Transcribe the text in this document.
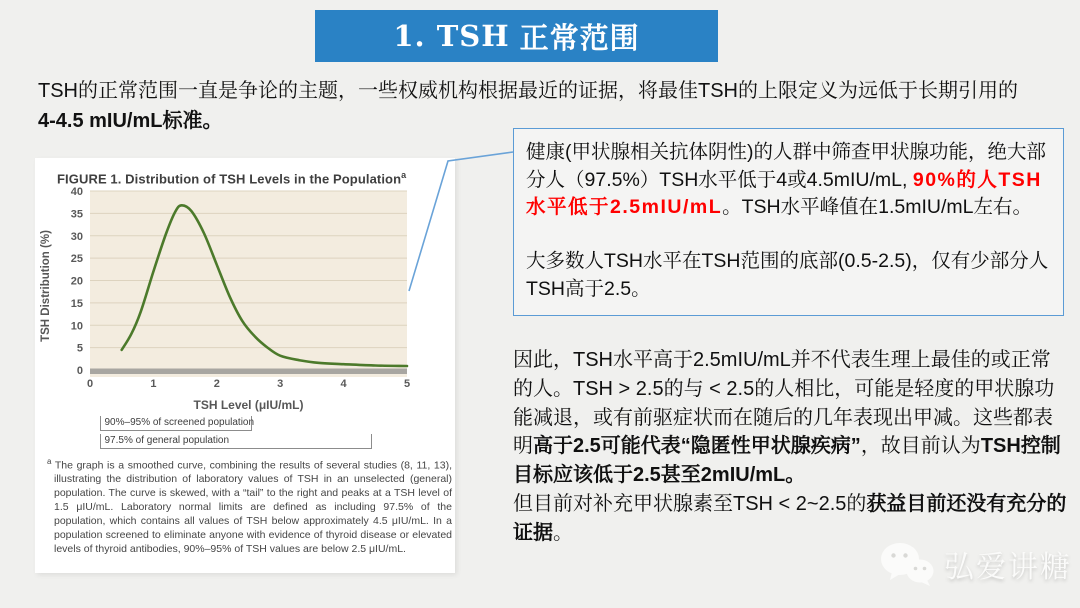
1. TSH 正常范围
TSH的正常范围一直是争论的主题，一些权威机构根据最近的证据，将最佳TSH的上限定义为远低于长期引用的
4-4.5 mIU/mL标准。
FIGURE 1. Distribution of TSH Levels in the Population$^a$
0
5
10
15
20
25
30
35
40
0	1	2	3	4	5
TSH Level (μIU/mL)
TSH Distribution (%)
$^a$ The graph is a smoothed curve, combining the results of several studies (8, 11, 13), illustrating the distribution of laboratory values of TSH in an unselected (general) population. The curve is skewed, with a “tail” to the right and peaks at a TSH level of 1.5 μIU/mL. Laboratory normal limits are defined as including 97.5% of the population, which contains all values of TSH below approximately 4.5 μIU/mL. In a population screened to eliminate anyone with evidence of thyroid disease or elevated levels of thyroid antibodies, 90%–95% of TSH values are below 2.5 μIU/mL.
90%–95% of screened population
97.5% of general population

健康(甲状腺相关抗体阴性)的人群中筛查甲状腺功能，绝大部分人（97.5%）TSH水平低于4或4.5mIU/mL, 90%的人TSH水平低于2.5mIU/mL。TSH水平峰值在1.5mIU/mL左右。

大多数人TSH水平在TSH范围的底部(0.5-2.5)，仅有少部分人TSH高于2.5。

因此，TSH水平高于2.5mIU/mL并不代表生理上最佳的或正常的人。TSH > 2.5的与 < 2.5的人相比，可能是轻度的甲状腺功能减退，或有前驱症状而在随后的几年表现出甲减。这些都表明高于2.5可能代表“隐匿性甲状腺疾病”，故目前认为TSH控制目标应该低于2.5甚至2mIU/mL。
但目前对补充甲状腺素至TSH < 2~2.5的获益目前还没有充分的证据。
弘爱讲糖
